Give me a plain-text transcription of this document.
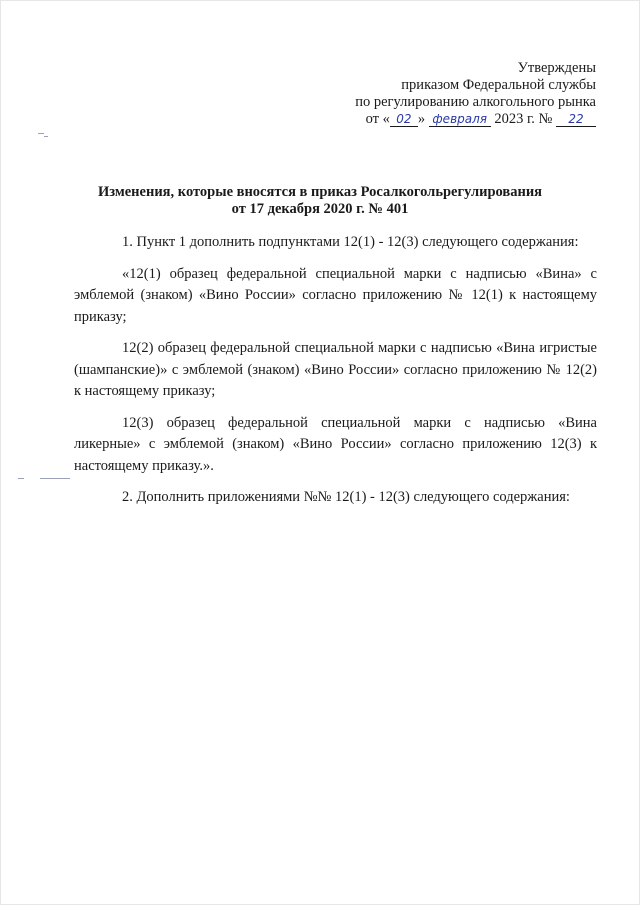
Утверждены
приказом Федеральной службы
по регулированию алкогольного рынка
от « 02 » февраля 2023 г. № 22
Изменения, которые вносятся в приказ Росалкогольрегулирования
от 17 декабря 2020 г. № 401

1. Пункт 1 дополнить подпунктами 12(1) - 12(3) следующего содержания:

«12(1) образец федеральной специальной марки с надписью «Вина» с эмблемой (знаком) «Вино России» согласно приложению № 12(1) к настоящему приказу;

12(2) образец федеральной специальной марки с надписью «Вина игристые (шампанские)» с эмблемой (знаком) «Вино России» согласно приложению № 12(2) к настоящему приказу;

12(3) образец федеральной специальной марки с надписью «Вина ликерные» с эмблемой (знаком) «Вино России» согласно приложению 12(3) к настоящему приказу.».

2. Дополнить приложениями №№ 12(1) - 12(3) следующего содержания:
